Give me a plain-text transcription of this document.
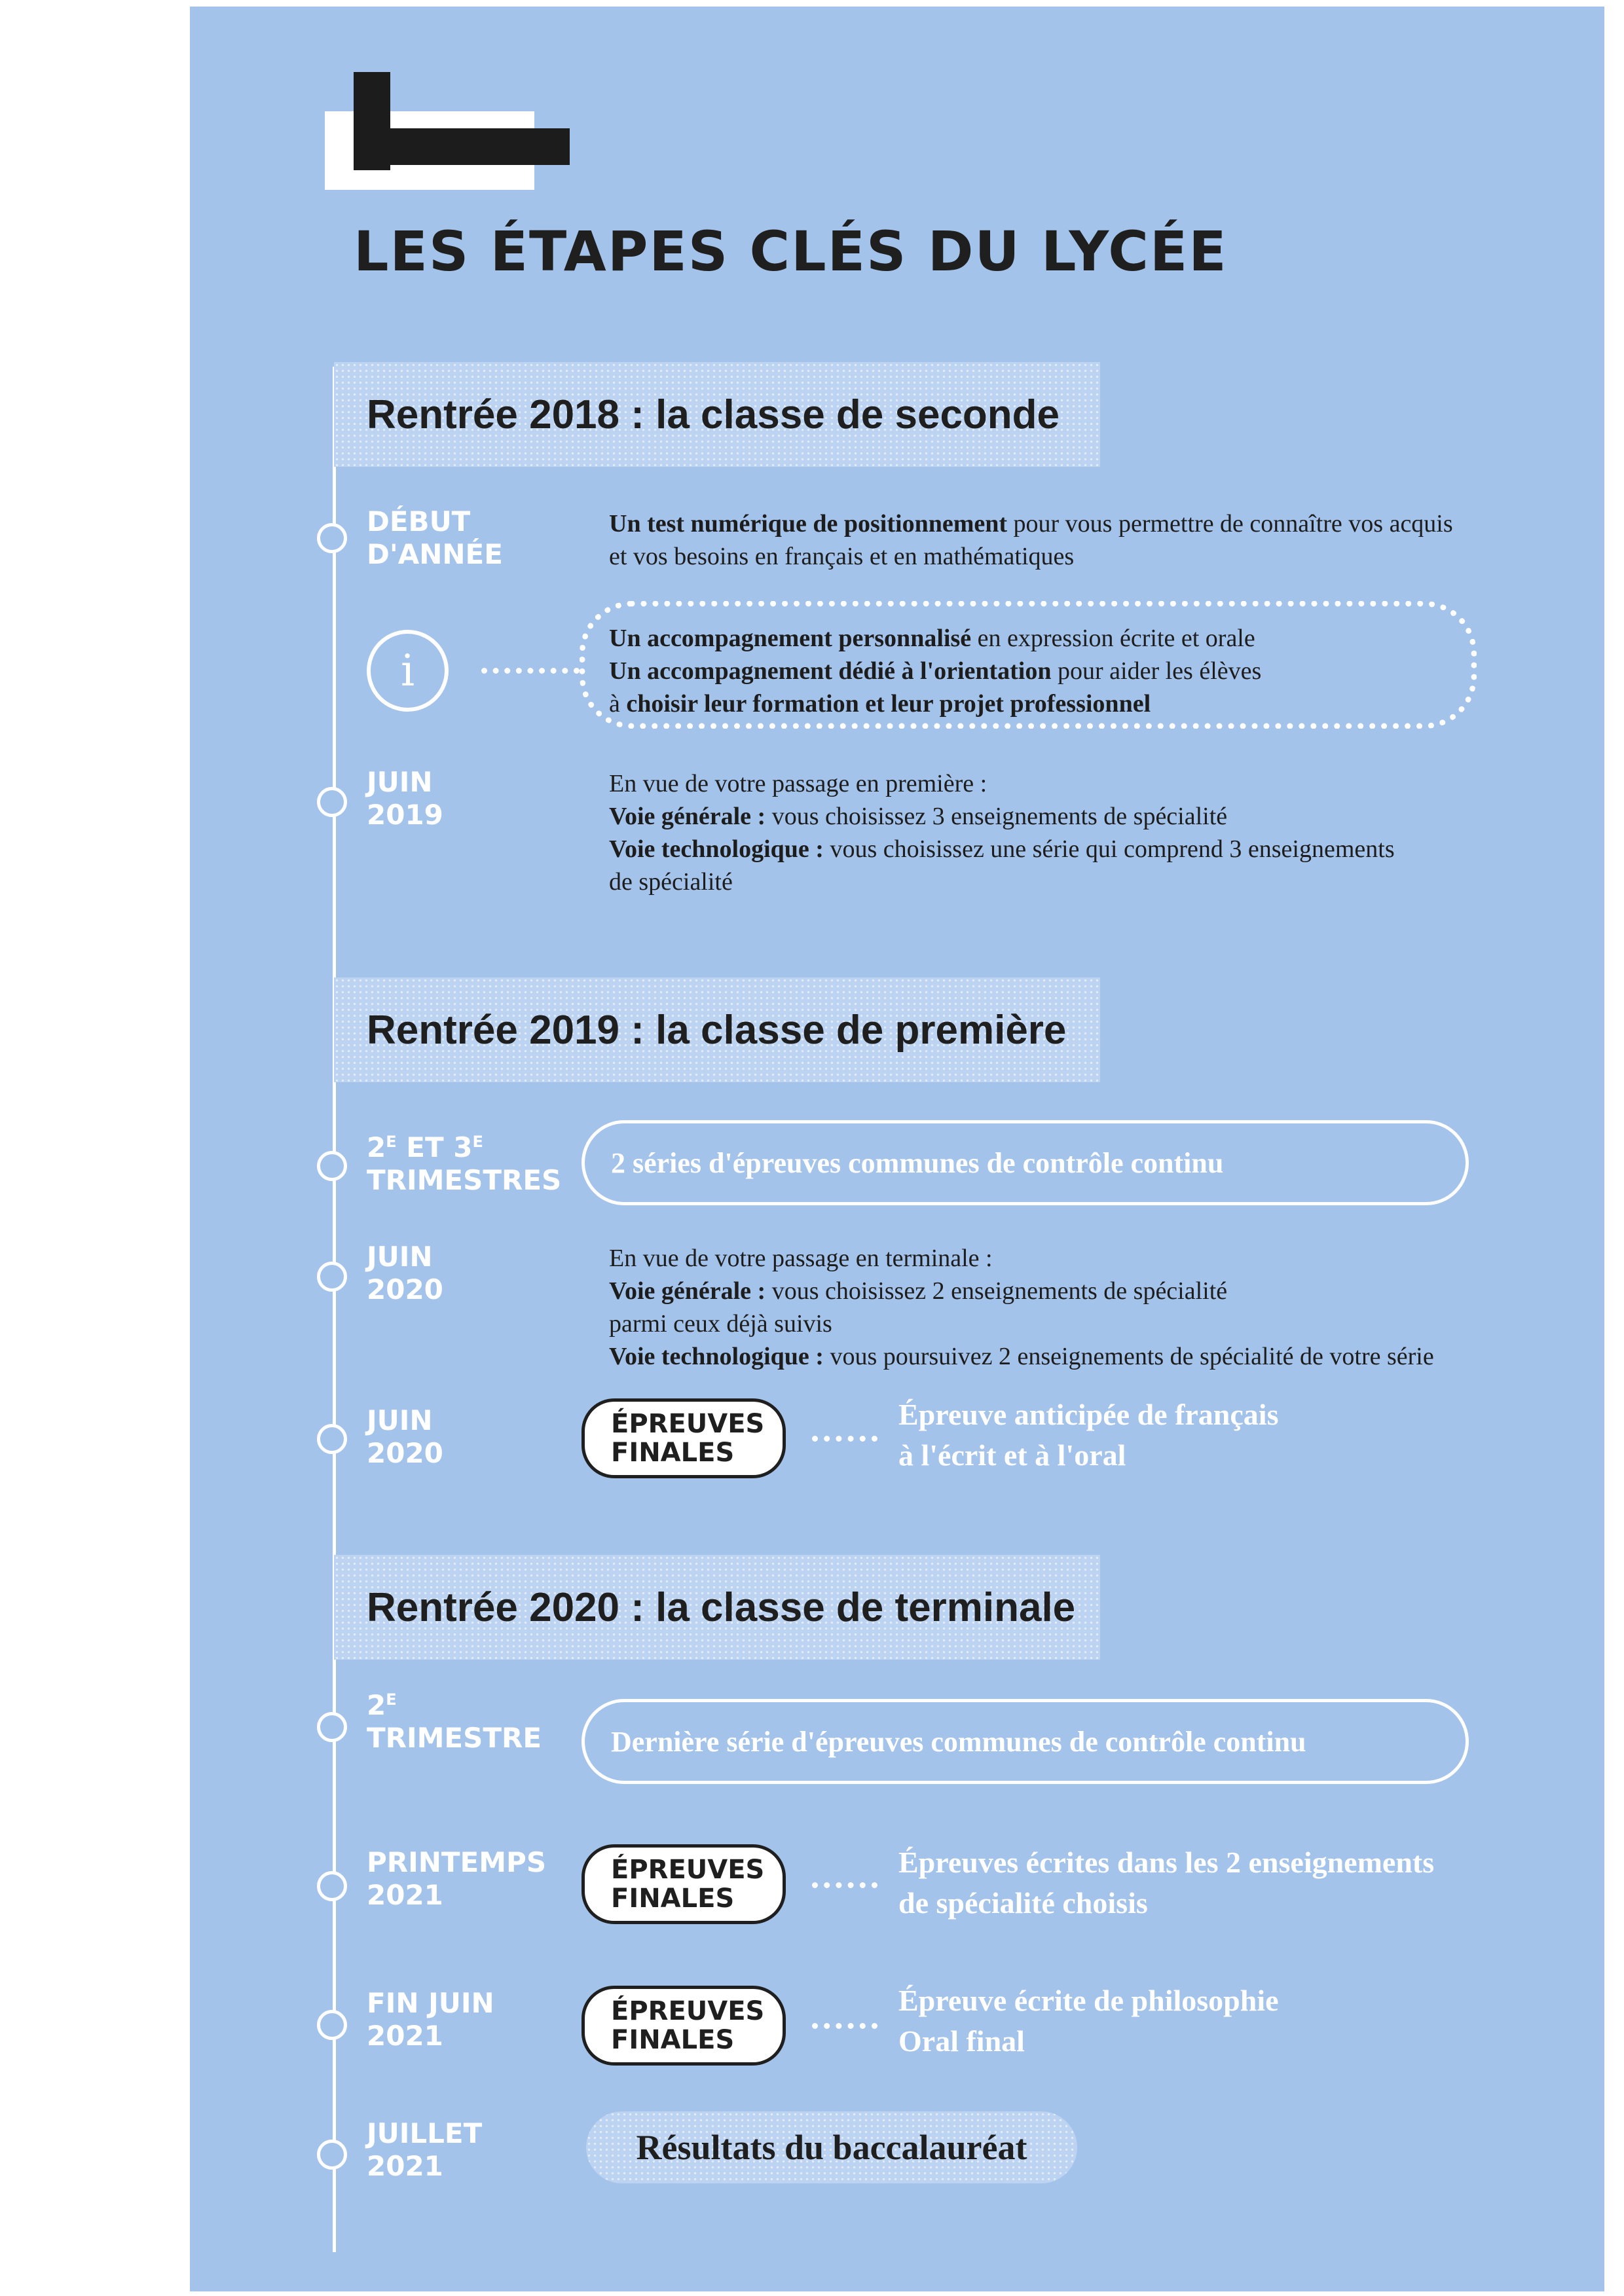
LES ÉTAPES CLÉS DU LYCÉE
Rentrée 2018 : la classe de seconde
DÉBUT
D'ANNÉE
Un test numérique de positionnement pour vous permettre de connaître vos acquis
et vos besoins en français et en mathématiques
i
Un accompagnement personnalisé en expression écrite et orale
Un accompagnement dédié à l'orientation pour aider les élèves
à choisir leur formation et leur projet professionnel
JUIN
2019
En vue de votre passage en première :
Voie générale : vous choisissez 3 enseignements de spécialité
Voie technologique : vous choisissez une série qui comprend 3 enseignements
de spécialité
Rentrée 2019 : la classe de première
$2^E$ ET $3^E$
TRIMESTRES
2 séries d'épreuves communes de contrôle continu
JUIN
2020
En vue de votre passage en terminale :
Voie générale : vous choisissez 2 enseignements de spécialité
parmi ceux déjà suivis
Voie technologique : vous poursuivez 2 enseignements de spécialité de votre série
JUIN
2020
ÉPREUVES
FINALES
Épreuve anticipée de français
à l'écrit et à l'oral
Rentrée 2020 : la classe de terminale
$2^E$
TRIMESTRE	Dernière série d'épreuves communes de contrôle continu
PRINTEMPS
2021
ÉPREUVES
FINALES
Épreuves écrites dans les 2 enseignements
de spécialité choisis
FIN JUIN
2021
ÉPREUVES
FINALES
Épreuve écrite de philosophie
Oral final
JUILLET
2021	Résultats du baccalauréat
